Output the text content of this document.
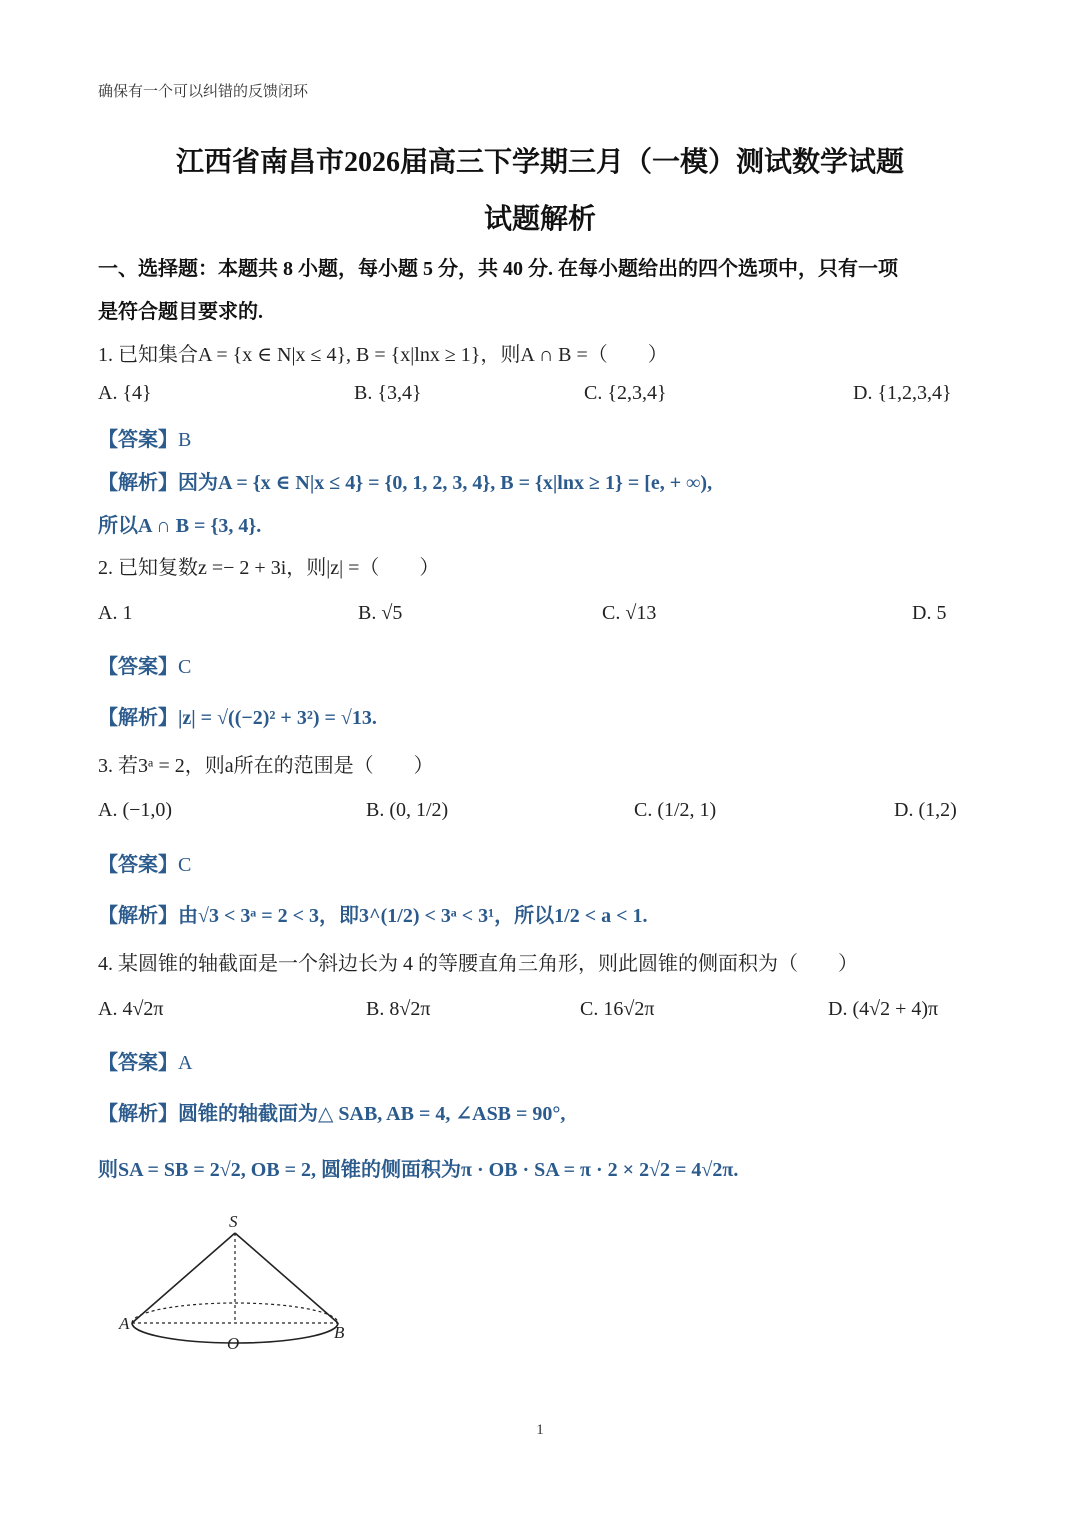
确保有一个可以纠错的反馈闭环
江西省南昌市2026届高三下学期三月（一模）测试数学试题
试题解析
一、选择题：本题共 8 小题，每小题 5 分，共 40 分. 在每小题给出的四个选项中，只有一项
是符合题目要求的.
1. 已知集合A = {x ∈ N|x ≤ 4}, B = {x|lnx ≥ 1}，则A ∩ B =（　　）
A. {4}	B. {3,4}	C. {2,3,4}	D. {1,2,3,4}
【答案】B
【解析】因为A = {x ∈ N|x ≤ 4} = {0, 1, 2, 3, 4}, B = {x|lnx ≥ 1} = [e, + ∞),
所以A ∩ B = {3, 4}.
2. 已知复数z =− 2 + 3i，则|z| =（　　）
A. 1	B. √5	C. √13	D. 5
【答案】C
【解析】|z| = √((−2)² + 3²) = √13.
3. 若3ᵃ = 2，则a所在的范围是（　　）
A. (−1,0)	B. (0, 1/2)	C. (1/2, 1)	D. (1,2)
【答案】C
【解析】由√3 < 3ᵃ = 2 < 3，即3^(1/2) < 3ᵃ < 3¹，所以1/2 < a < 1.
4. 某圆锥的轴截面是一个斜边长为 4 的等腰直角三角形，则此圆锥的侧面积为（　　）
A. 4√2π	B. 8√2π	C. 16√2π	D. (4√2 + 4)π
【答案】A
【解析】圆锥的轴截面为△ SAB, AB = 4, ∠ASB = 90°,
则SA = SB = 2√2, OB = 2, 圆锥的侧面积为π · OB · SA = π · 2 × 2√2 = 4√2π.
S
A	B
O
1
